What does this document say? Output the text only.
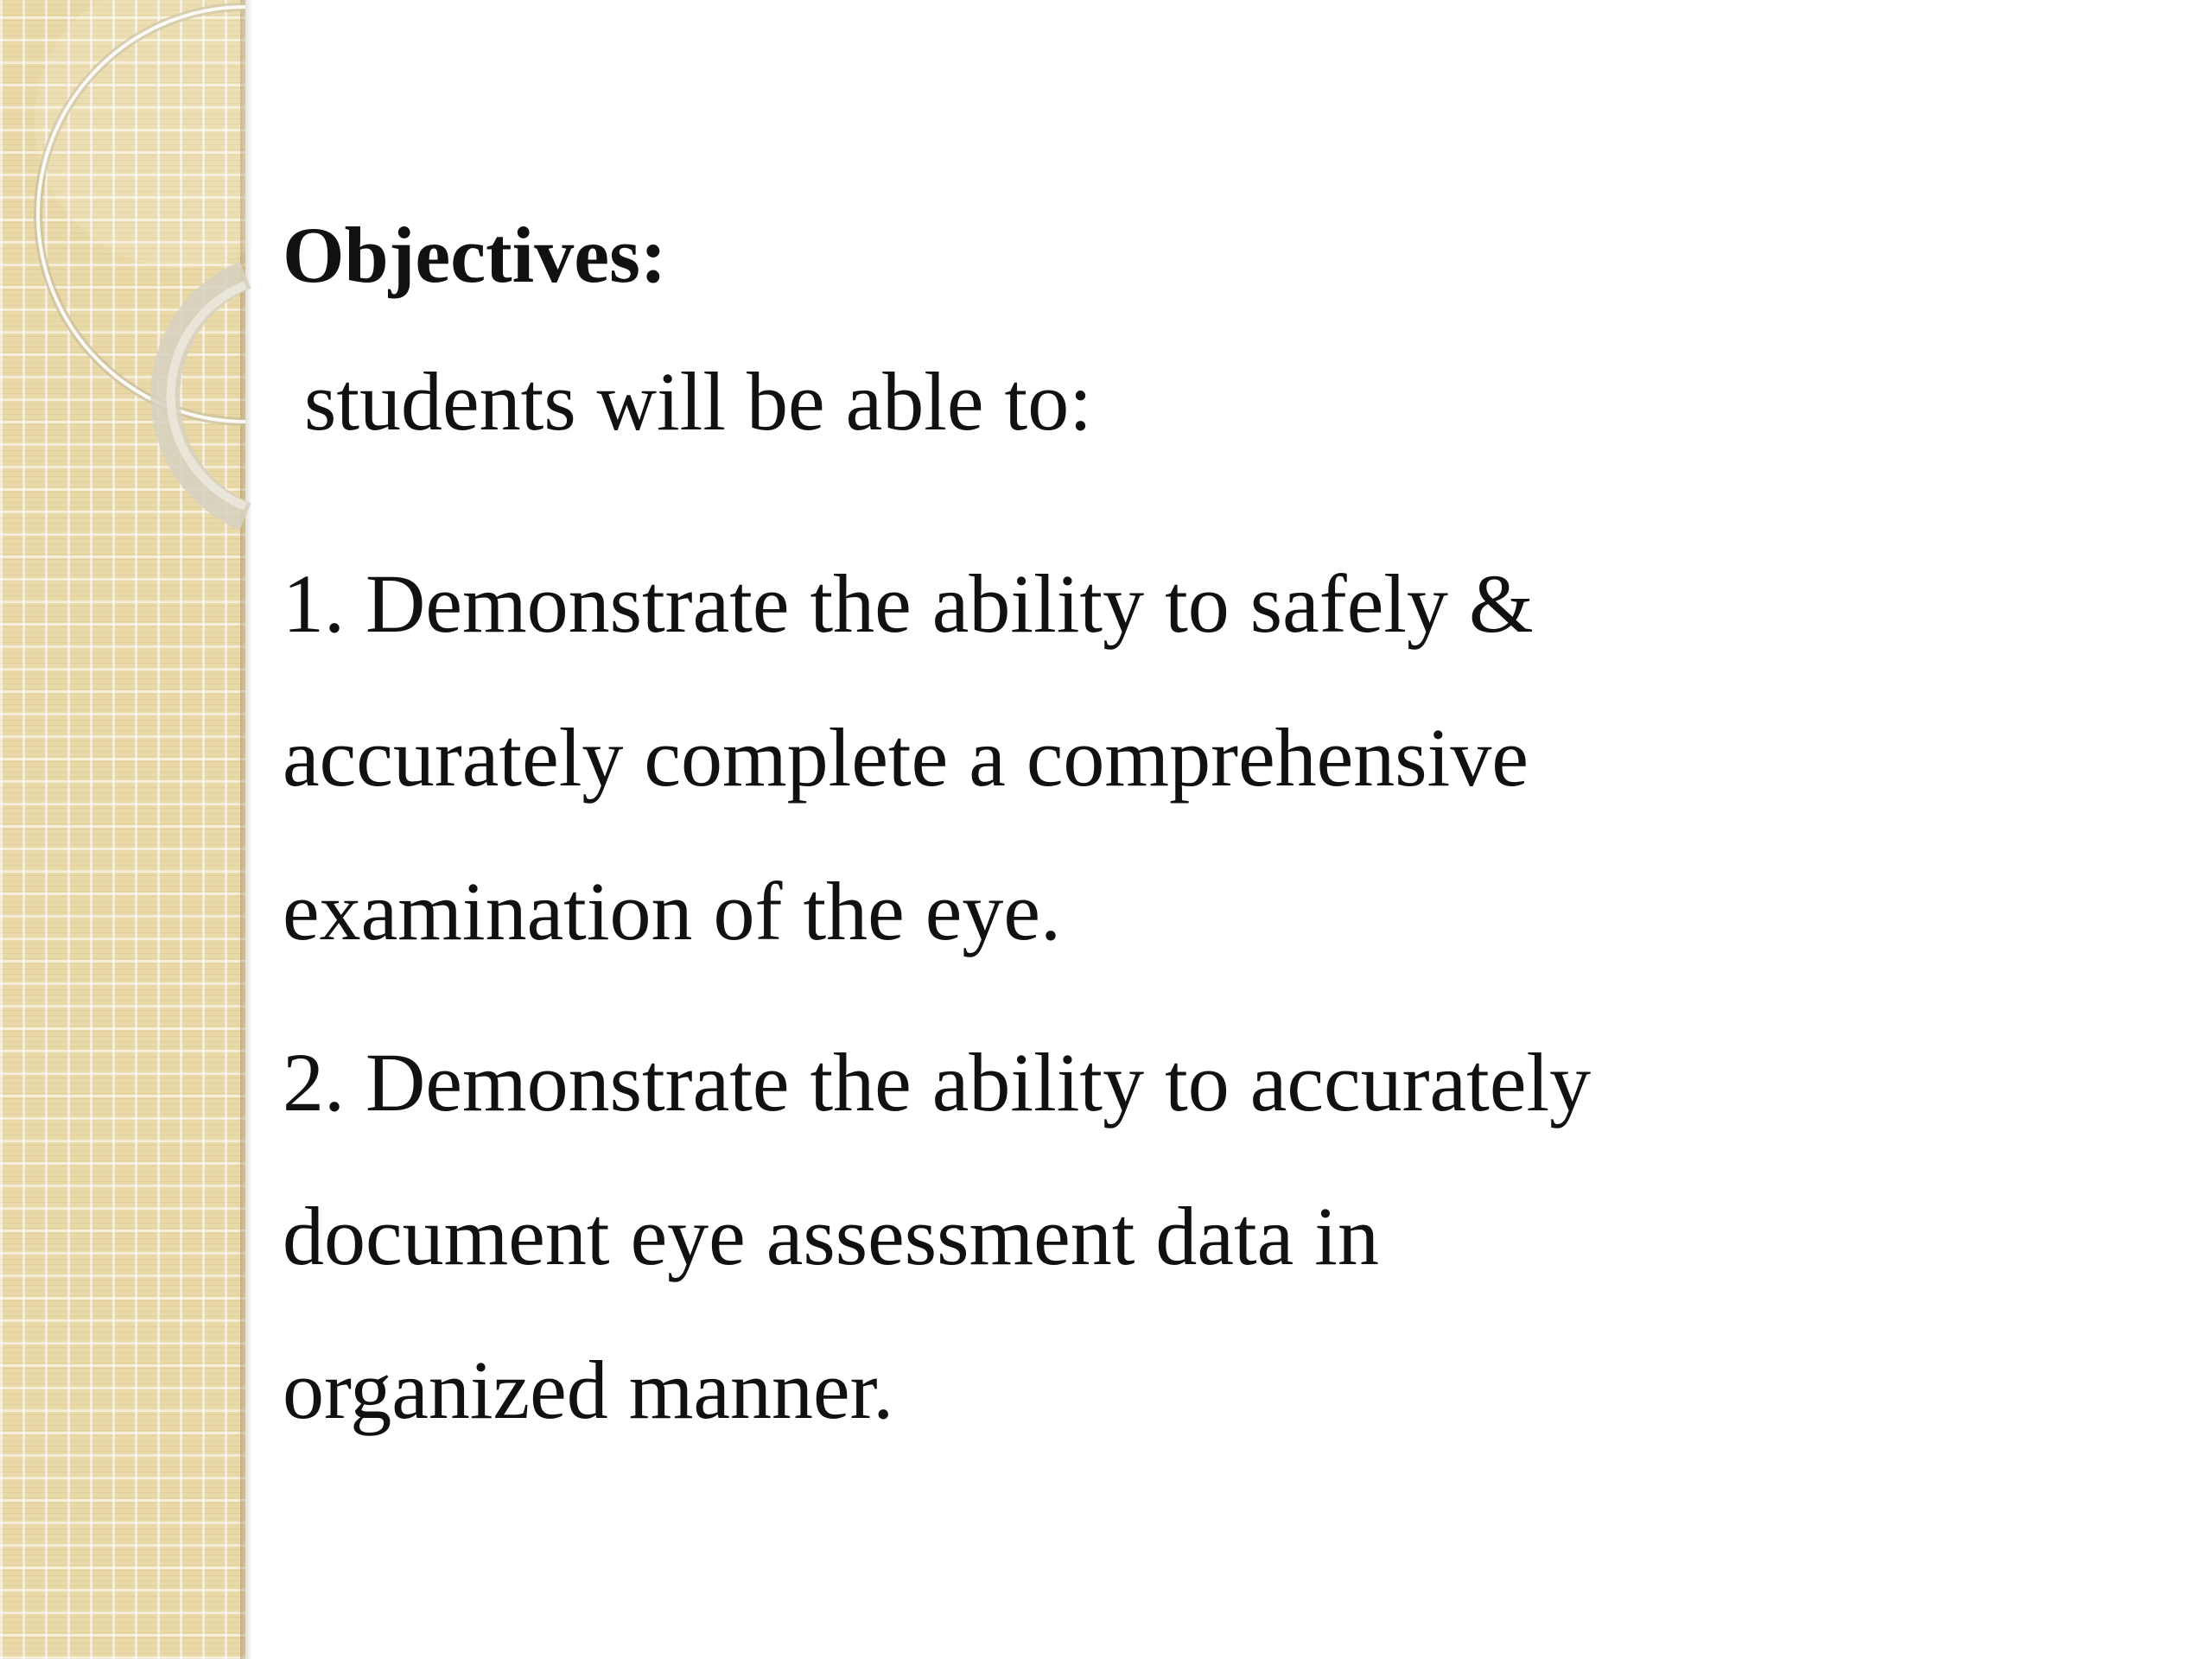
Objectives:
students will be able to:
1. Demonstrate the ability to safely &
accurately complete a comprehensive
examination of the eye.
2. Demonstrate the ability to accurately
document eye assessment data in
organized manner.
